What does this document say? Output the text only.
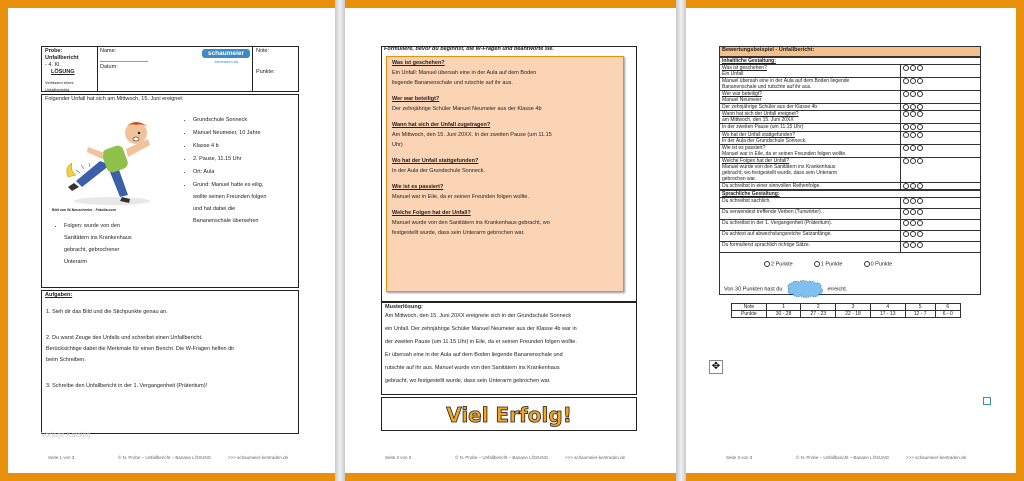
Probe: Unfallbericht
- 4. Kl.
LÖSUNG
Verfassen eines Unfallberichts
Name:
Datum:
schaumeier
-kentraden.de
Note:
Punkte:
Folgender Unfall hat sich am Mittwoch, 15. Juni ereignet:
Bild von W-Neuschreier - Fotolia.com
• Grundschule Sonneck
• Manuel Neumeier, 10 Jahre
• Klasse 4 b
• 2. Pause, 11.15 Uhr
• Ort: Aula
• Grund: Manuel hatte es eilig,
wollte seinen Freunden folgen
und hat dabei die
Bananenschale übersehen
• Folgen: wurde von den
Sanitätern ins Krankenhaus
gebracht, gebrochener
Unterarm
Aufgaben:
1. Sieh dir das Bild und die Stichpunkte genau an.
2. Du warst Zeuge des Unfalls und schreibst einen Unfallbericht.
Berücksichtige dabei die Merkmale für einen Bericht. Die W-Fragen helfen dir
beim Schreiben.
3. Schreibe den Unfallbericht in der 1. Vergangenheit (Präteritum)!
Vorlage Katalog
Seite 1 von 3	© N. Probe – Unfallbericht – Banane LÖSUNG	>>> schaumeier-kentraden.de
Formuliere, bevor du beginnst, die W-Fragen und beantworte sie.
Was ist geschehen?
Ein Unfall: Manuel übersah eine in der Aula auf dem Boden
liegende Bananenschale und rutschte auf ihr aus.
Wer war beteiligt?
Der zehnjährige Schüler Manuel Neumeier aus der Klasse 4b
Wann hat sich der Unfall zugetragen?
Am Mittwoch, den 15. Juni 20XX. In der zweiten Pause (um 11.15
Uhr)
Wo hat der Unfall stattgefunden?
In der Aula der Grundschule Sonneck.
Wie ist es passiert?
Manuel war in Eile, da er seinen Freunden folgen wollte.
Welche Folgen hat der Unfall?
Manuel wurde von den Sanitätern ins Krankenhaus gebracht, wo
festgestellt wurde, dass sein Unterarm gebrochen war.
Musterlösung:
Am Mittwoch, den 15. Juni 20XX ereignete sich in der Grundschule Sonneck
ein Unfall. Der zehnjährige Schüler Manuel Neumeier aus der Klasse 4b war in
der zweiten Pause (um 11.15 Uhr) in Eile, da er seinen Freunden folgen wollte.
Er übersah eine in der Aula auf dem Boden liegende Bananenschale und
rutschte auf ihr aus. Manuel wurde von den Sanitätern ins Krankenhaus
gebracht, wo festgestellt wurde, dass sein Unterarm gebrochen war.
Viel Erfolg!
Seite 2 von 3	© N. Probe – Unfallbericht – Banane LÖSUNG	>>> schaumeier-kentraden.de
Bewertungsbeispiel - Unfallbericht:
Inhaltliche Gestaltung:	

Was ist geschehen?
Ein Unfall	

Manuel übersah eine in der Aula auf dem Boden liegende
Bananenschale und rutschte auf ihr aus.	

Wer war beteiligt?
Manuel Neumeier	

Der zehnjährige Schüler aus der Klasse 4b	

Wann hat sich der Unfall ereignet?
am Mittwoch, den 15. Juni 20XX	

In der zweiten Pause (um 11.15 Uhr)	

Wo hat der Unfall stattgefunden?
In der Aula der Grundschule Sonneck.	

Wie ist es passiert?
Manuel war in Eile, da er seinen Freunden folgen wollte.	

Welche Folgen hat der Unfall?
Manuel wurde von den Sanitätern ins Krankenhaus
gebracht, wo festgestellt wurde, dass sein Unterarm
gebrochen war.	

Du schreibst in einer sinnvollen Reihenfolge.	

Sprachliche Gestaltung:	
Du schreibst sachlich.	
Du verwendest treffende Verben (Tunwörter).	
Du schreibst in der 1. Vergangenheit (Präteritum).	
Du achtest auf abwechslungsreiche Satzanfänge.	
Du formulierst sprachlich richtige Sätze.	
2 Punkte	1 Punkte	0 Punkte
Von 30 Punkten hast du	erreicht.
Note	1	2	3	4	5	6
Punkte	30 - 28	27 - 23	22 - 18	17 - 13	12 - 7	6 - 0
✥
Seite 3 von 3	© N. Probe – Unfallbericht – Banane LÖSUNG	>>> schaumeier-kentraden.de
